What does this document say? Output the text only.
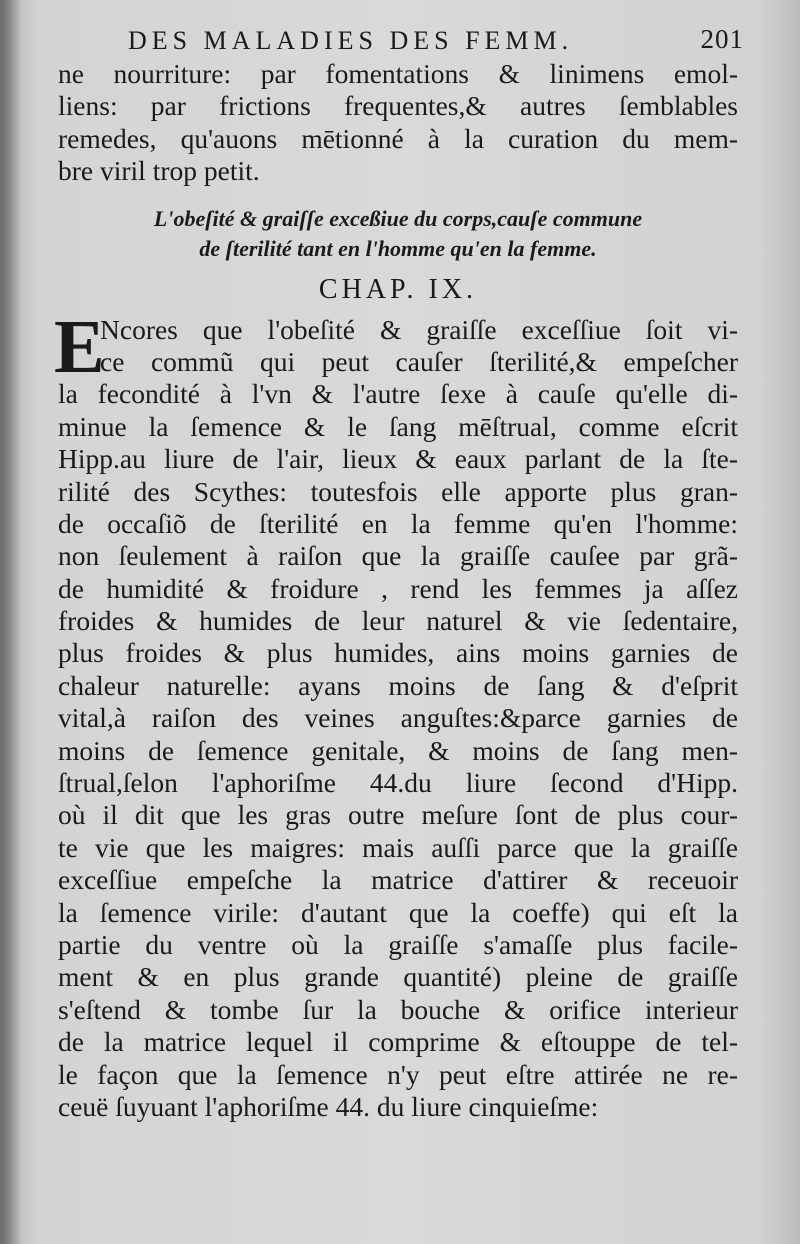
DES MALADIES DES FEMM.	201
ne nourriture: par fomentations & linimens emol-
liens: par frictions frequentes,& autres ſemblables
remedes, qu'auons mētionné à la curation du mem-
bre viril trop petit.
L'obeſité & graiſſe exceßiue du corps,cauſe commune
de ſterilité tant en l'homme qu'en la femme.
CHAP. IX.
E
Ncores que l'obeſité & graiſſe exceſſiue ſoit vi-
ce commũ qui peut cauſer ſterilité,& empeſcher
la fecondité à l'vn & l'autre ſexe à cauſe qu'elle di-
minue la ſemence & le ſang mēſtrual, comme eſcrit
Hipp.au liure de l'air, lieux & eaux parlant de la ſte-
rilité des Scythes: toutesfois elle apporte plus gran-
de occaſiõ de ſterilité en la femme qu'en l'homme:
non ſeulement à raiſon que la graiſſe cauſee par grã-
de humidité & froidure , rend les femmes ja aſſez
froides & humides de leur naturel & vie ſedentaire,
plus froides & plus humides, ains moins garnies de
chaleur naturelle: ayans moins de ſang & d'eſprit
vital,à raiſon des veines anguſtes:&parce garnies de
moins de ſemence genitale, & moins de ſang men-
ſtrual,ſelon l'aphoriſme 44.du liure ſecond d'Hipp.
où il dit que les gras outre meſure ſont de plus cour-
te vie que les maigres: mais auſſi parce que la graiſſe
exceſſiue empeſche la matrice d'attirer & receuoir
la ſemence virile: d'autant que la coeffe) qui eſt la
partie du ventre où la graiſſe s'amaſſe plus facile-
ment & en plus grande quantité) pleine de graiſſe
s'eſtend & tombe ſur la bouche & orifice interieur
de la matrice lequel il comprime & eſtouppe de tel-
le façon que la ſemence n'y peut eſtre attirée ne re-
ceuë ſuyuant l'aphoriſme 44. du liure cinquieſme:
